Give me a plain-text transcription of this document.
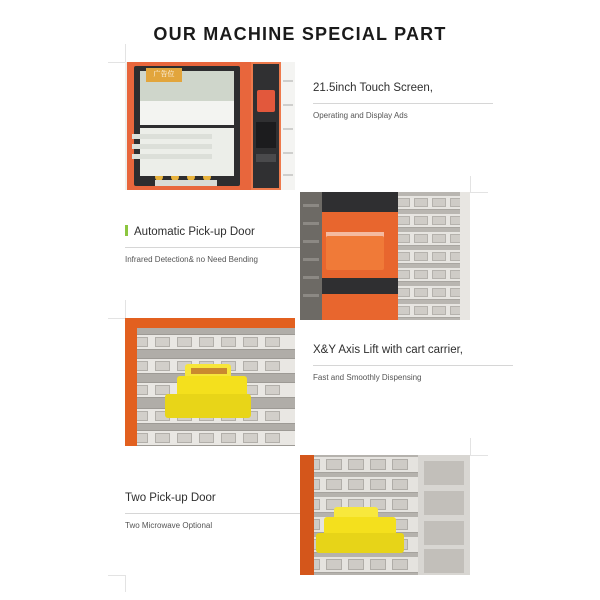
OUR MACHINE SPECIAL PART
广告位
21.5inch Touch Screen,
Operating and Display Ads
Automatic Pick-up Door
Infrared Detection& no Need Bending
X&Y Axis Lift with cart carrier,
Fast and Smoothly Dispensing
Two Pick-up Door
Two Microwave Optional
